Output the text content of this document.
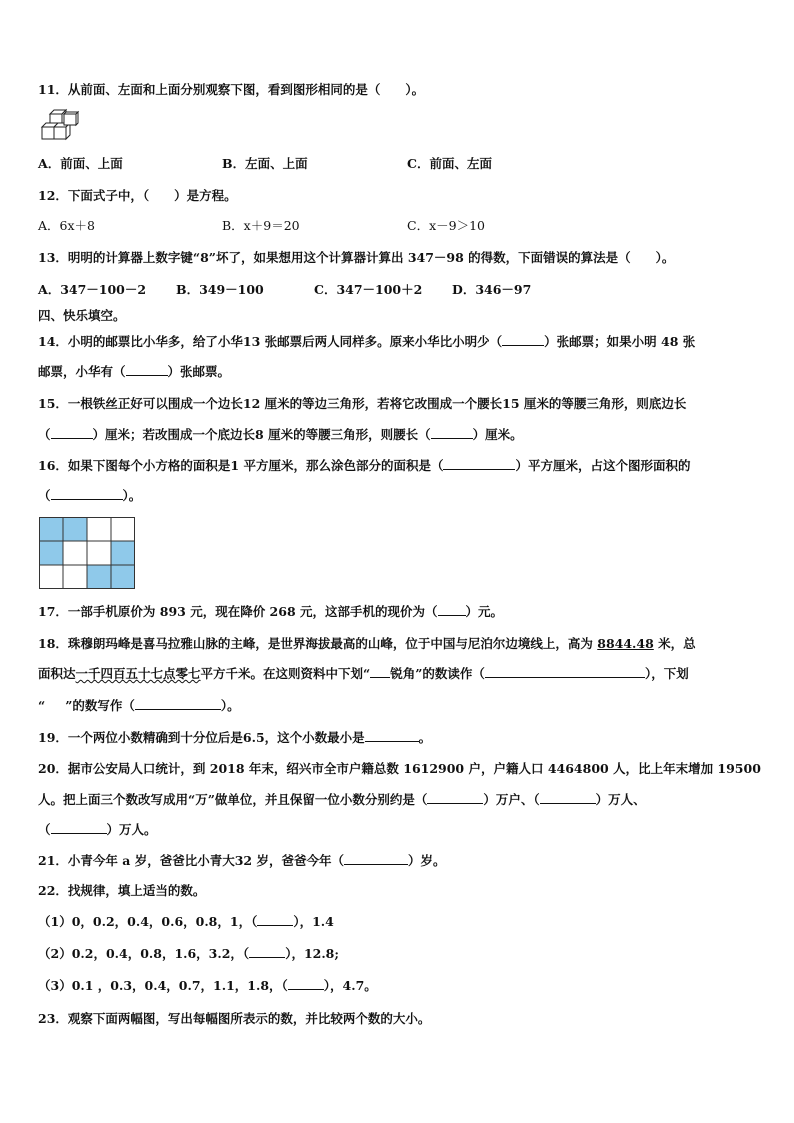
11．从前面、左面和上面分别观察下图，看到图形相同的是（　　）。
A．前面、上面	B．左面、上面	C．前面、左面
12．下面式子中，（　　）是方程。
A．6x＋8	B．x＋9＝20	C．x－9＞10
13．明明的计算器上数字键“8”坏了，如果想用这个计算器计算出 347－98 的得数，下面错误的算法是（　　）。
A．347－100－2 B．349－100	C．347－100＋2 D．346－97
四、快乐填空。
14．小明的邮票比小华多，给了小华13 张邮票后两人同样多。原来小华比小明少（	）张邮票；如果小明 48 张
邮票，小华有（	）张邮票。
15．一根铁丝正好可以围成一个边长12 厘米的等边三角形，若将它改围成一个腰长15 厘米的等腰三角形，则底边长
（	）厘米；若改围成一个底边长8 厘米的等腰三角形，则腰长（	）厘米。
16．如果下图每个小方格的面积是1 平方厘米，那么涂色部分的面积是（	）平方厘米，占这个图形面积的
（	）。
17．一部手机原价为 893 元，现在降价 268 元，这部手机的现价为（ ）元。
18．珠穆朗玛峰是喜马拉雅山脉的主峰，是世界海拔最高的山峰，位于中国与尼泊尔边境线上，高为 8844.48 米，总
面积达一千四百五十七点零七平方千米。在这则资料中下划“ 锐角”的数读作（	），下划
“ ”的数写作（	）。
19．一个两位小数精确到十分位后是6.5，这个小数最小是	。
20．据市公安局人口统计，到 2018 年末，绍兴市全市户籍总数 1612900 户，户籍人口 4464800 人，比上年末增加 19500
人。把上面三个数改写成用“万”做单位，并且保留一位小数分别约是（	）万户、（	）万人、
（	）万人。
21．小青今年 a 岁，爸爸比小青大32 岁，爸爸今年（	）岁。
22．找规律，填上适当的数。
（1）0，0.2，0.4，0.6，0.8，1，（	），1.4
（2）0.2，0.4，0.8，1.6，3.2，（	），12.8;
（3）0.1 ，0.3，0.4，0.7，1.1，1.8，（	），4.7。
23．观察下面两幅图，写出每幅图所表示的数，并比较两个数的大小。
